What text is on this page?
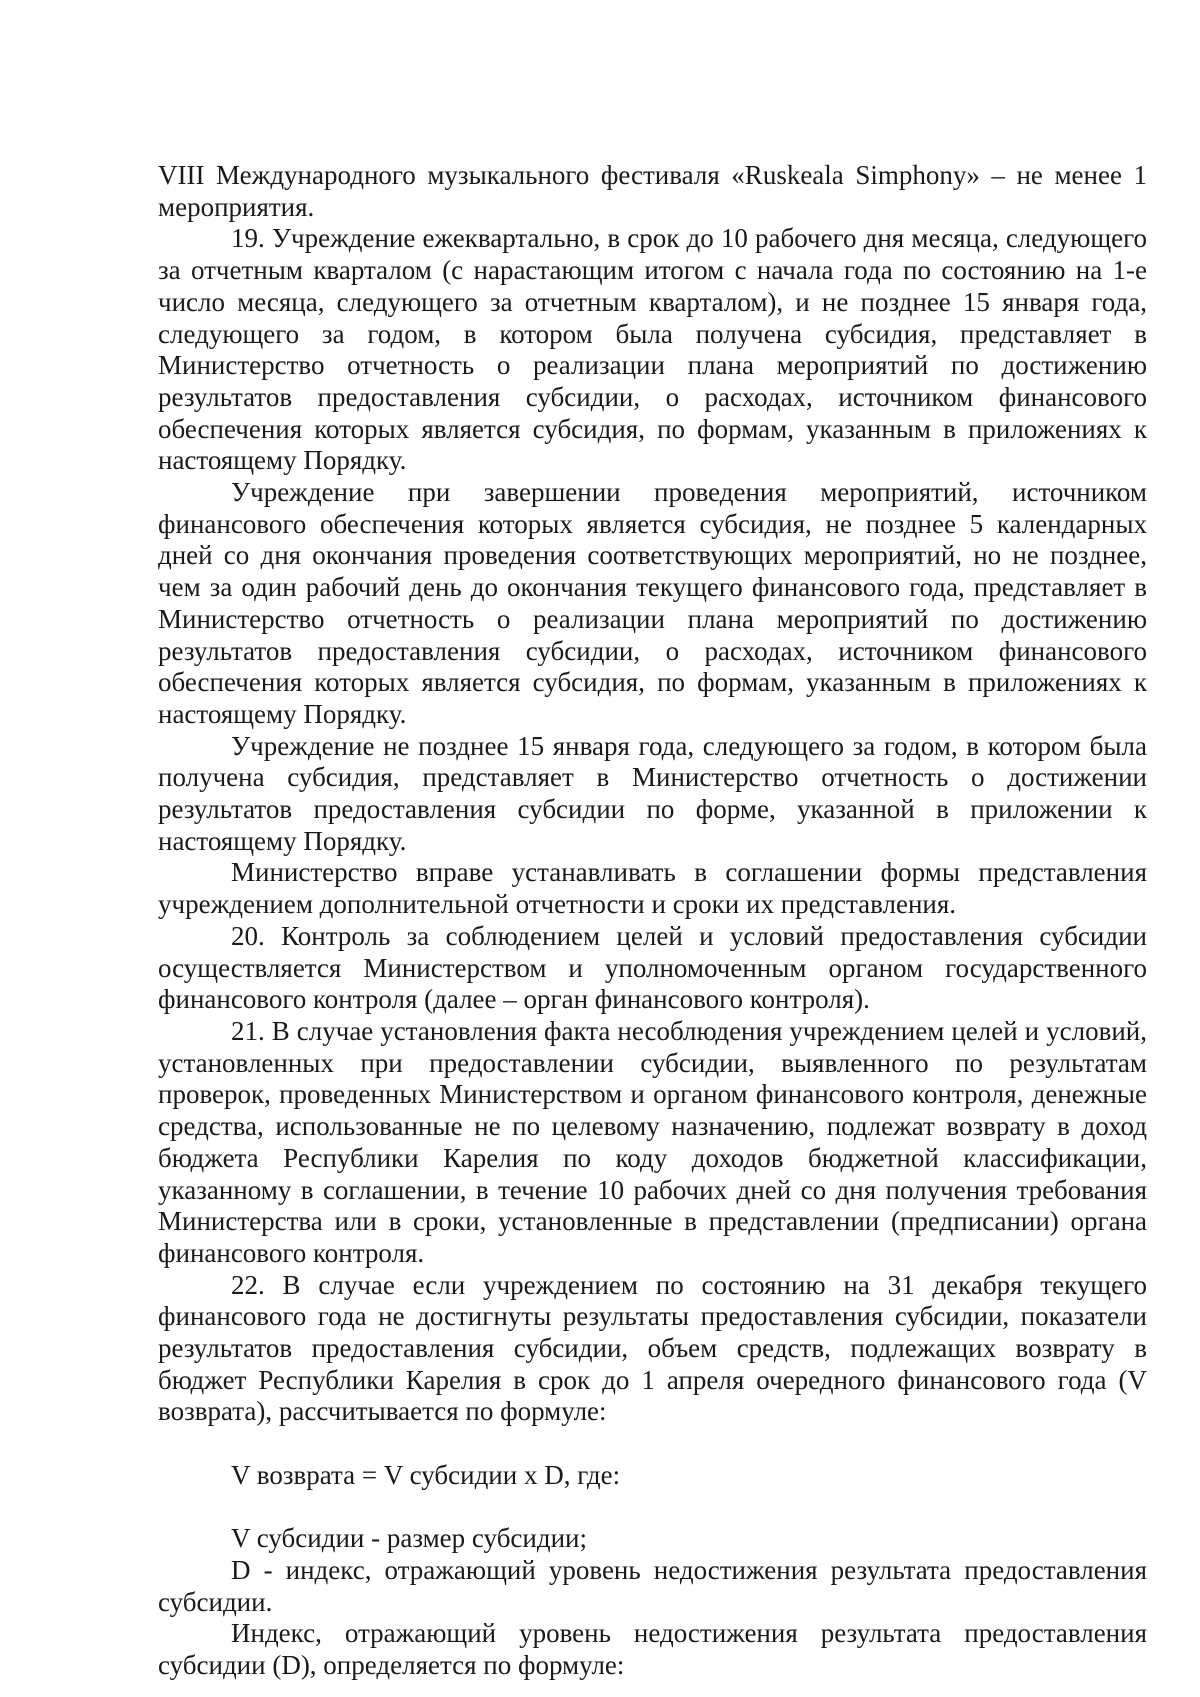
VIII Международного музыкального фестиваля «Ruskeala Simphony» – не менее 1 мероприятия.

19. Учреждение ежеквартально, в срок до 10 рабочего дня месяца, следующего за отчетным кварталом (с нарастающим итогом с начала года по состоянию на 1-е число месяца, следующего за отчетным кварталом), и не позднее 15 января года, следующего за годом, в котором была получена субсидия, представляет в Министерство отчетность о реализации плана мероприятий по достижению результатов предоставления субсидии, о расходах, источником финансового обеспечения которых является субсидия, по формам, указанным в приложениях к настоящему Порядку.

Учреждение при завершении проведения мероприятий, источником финансового обеспечения которых является субсидия, не позднее 5 календарных дней со дня окончания проведения соответствующих мероприятий, но не позднее, чем за один рабочий день до окончания текущего финансового года, представляет в Министерство отчетность о реализации плана мероприятий по достижению результатов предоставления субсидии, о расходах, источником финансового обеспечения которых является субсидия, по формам, указанным в приложениях к настоящему Порядку.

Учреждение не позднее 15 января года, следующего за годом, в котором была получена субсидия, представляет в Министерство отчетность о достижении результатов предоставления субсидии по форме, указанной в приложении к настоящему Порядку.

Министерство вправе устанавливать в соглашении формы представления учреждением дополнительной отчетности и сроки их представления.

20. Контроль за соблюдением целей и условий предоставления субсидии осуществляется Министерством и уполномоченным органом государственного финансового контроля (далее – орган финансового контроля).

21. В случае установления факта несоблюдения учреждением целей и условий, установленных при предоставлении субсидии, выявленного по результатам проверок, проведенных Министерством и органом финансового контроля, денежные средства, использованные не по целевому назначению, подлежат возврату в доход бюджета Республики Карелия по коду доходов бюджетной классификации, указанному в соглашении, в течение 10 рабочих дней со дня получения требования Министерства или в сроки, установленные в представлении (предписании) органа финансового контроля.

22. В случае если учреждением по состоянию на 31 декабря текущего финансового года не достигнуты результаты предоставления субсидии, показатели результатов предоставления субсидии, объем средств, подлежащих возврату в бюджет Республики Карелия в срок до 1 апреля очередного финансового года (V возврата), рассчитывается по формуле:

V возврата = V субсидии x D, где:

V субсидии - размер субсидии;

D - индекс, отражающий уровень недостижения результата предоставления субсидии.

Индекс, отражающий уровень недостижения результата предоставления субсидии (D), определяется по формуле:
